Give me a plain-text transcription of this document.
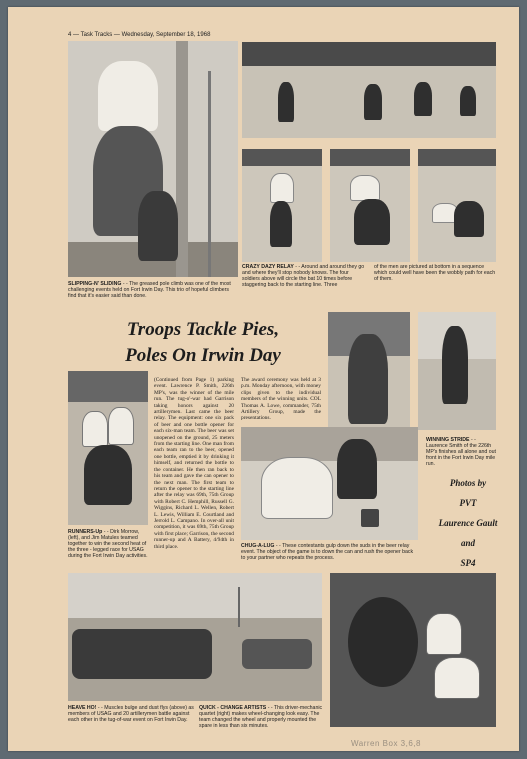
4 — Task Tracks — Wednesday, September 18, 1968
SLIPPING-N' SLIDING - - The greased pole climb was one of the most challenging events held on Fort Irwin Day. This trio of hopeful climbers find that it's easier said than done.
CRAZY DAZY RELAY - - Around and around they go and where they'll stop nobody knows. The four soldiers above will circle the bat 10 times before staggering back to the starting line. Three
of the men are pictured at bottom in a sequence which could well have been the wobbly path for each of them.
Troops Tackle Pies,
Poles On Irwin Day
RUNNERS-Up - - Dirk Morrow, (left), and Jim Matules teamed together to win the second heat of the three - legged race for USAG during the Fort Irwin Day activities.
(Continued from Page 1) parking event. Lawrence P. Smith, 226th MP's, was the winner of the mile run. The tug-o'-war had Garrison taking honors against 20 artillerymen. Last came the beer relay. The equipment: one six pack of beer and one bottle opener for each six-man team. The beer was set unopened on the ground, 25 meters from the starting line. One man from each team ran to the beer, opened one bottle, emptied it by drinking it himself, and returned the bottle to the container. He then ran back to his team and gave the can opener to the next man. The first team to return the opener to the starting line after the relay was 69th, 75th Group with Robert C. Hemphill, Russell G. Wiggins, Richard L. Wellen, Robert L. Lewis, William E. Courtland and Jerrold L. Campano. In over-all unit competition, it was 69th, 75th Group with first place; Garrison, the second runner-up and A Battery, 4/94th in third place.
The award ceremony was held at 3 p.m. Monday afternoon, with money clips given to the individual members of the winning units. COL Thomas A. Lowe, commander, 75th Artillery Group, made the presentations.
WINNING STRIDE - - Laurence Smith of the 226th MP's finishes all alone and out front in the Fort Irwin Day mile run.
CHUG-A-LUG - - These contestants gulp down the suds in the beer relay event. The object of the game is to down the can and rush the opener back to your partner who repeats the process.
Photos by
PVT
Laurence Gault
and
SP4
HEAVE HO! - - Muscles bulge and dust flys (above) as members of USAG and 20 artillerymen battle against each other in the tug-of-war event on Fort Irwin Day.
QUICK - CHANGE ARTISTS - - This driver-mechanic quartet (right) makes wheel-changing look easy. The team changed the wheel and properly mounted the spare in less than six minutes.
Warren Box 3,6,8
